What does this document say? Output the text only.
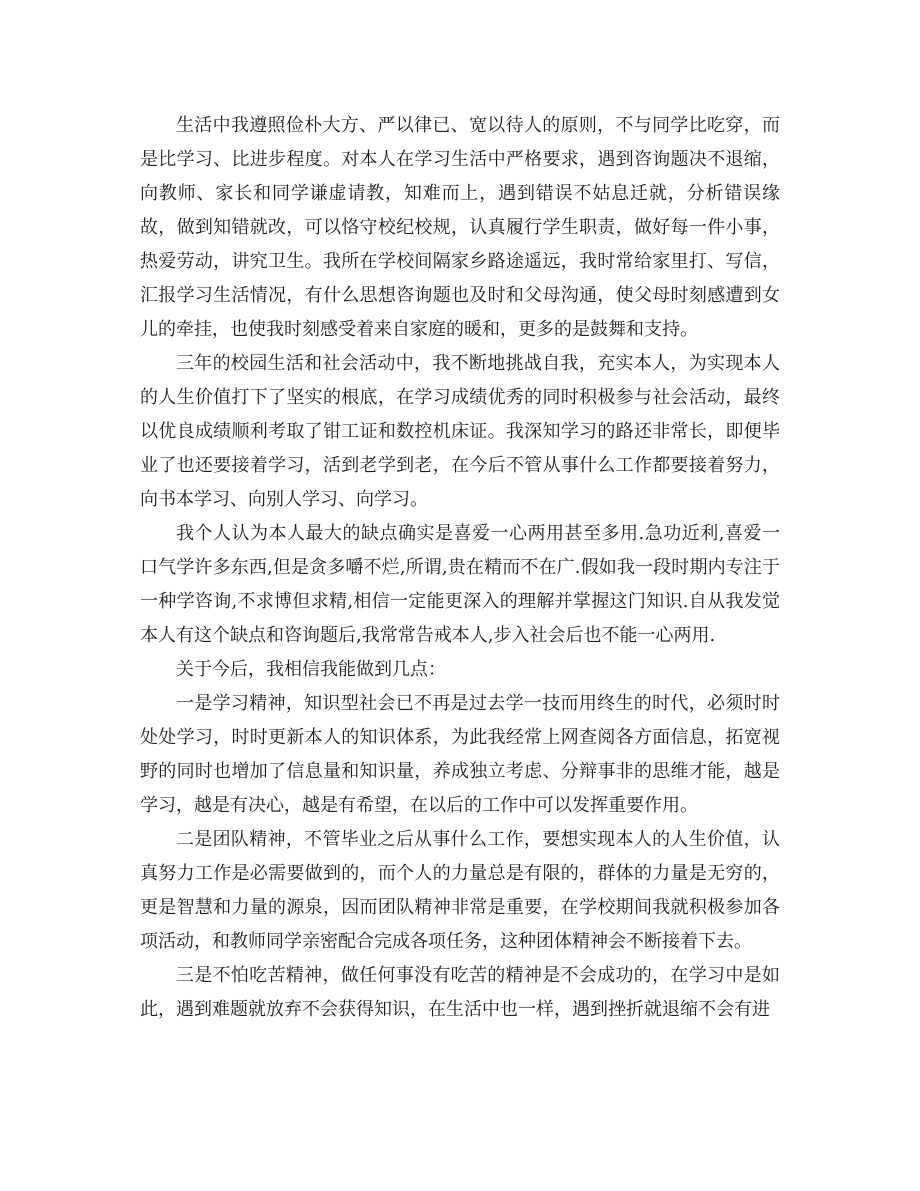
生活中我遵照俭朴大方、严以律已、宽以待人的原则，不与同学比吃穿，而是比学习、比进步程度。对本人在学习生活中严格要求，遇到咨询题决不退缩，向教师、家长和同学谦虚请教，知难而上，遇到错误不姑息迁就，分析错误缘故，做到知错就改，可以恪守校纪校规，认真履行学生职责，做好每一件小事，热爱劳动，讲究卫生。我所在学校间隔家乡路途遥远，我时常给家里打、写信，汇报学习生活情况，有什么思想咨询题也及时和父母沟通，使父母时刻感遭到女儿的牵挂，也使我时刻感受着来自家庭的暖和，更多的是鼓舞和支持。

三年的校园生活和社会活动中，我不断地挑战自我，充实本人，为实现本人的人生价值打下了坚实的根底，在学习成绩优秀的同时积极参与社会活动，最终以优良成绩顺利考取了钳工证和数控机床证。我深知学习的路还非常长，即便毕业了也还要接着学习，活到老学到老，在今后不管从事什么工作都要接着努力，向书本学习、向别人学习、向学习。

我个人认为本人最大的缺点确实是喜爱一心两用甚至多用.急功近利,喜爱一口气学许多东西,但是贪多嚼不烂,所谓,贵在精而不在广.假如我一段时期内专注于一种学咨询,不求博但求精,相信一定能更深入的理解并掌握这门知识.自从我发觉本人有这个缺点和咨询题后,我常常告戒本人,步入社会后也不能一心两用.

关于今后，我相信我能做到几点：

一是学习精神，知识型社会已不再是过去学一技而用终生的时代，必须时时处处学习，时时更新本人的知识体系，为此我经常上网查阅各方面信息，拓宽视野的同时也增加了信息量和知识量，养成独立考虑、分辩事非的思维才能，越是学习，越是有决心，越是有希望，在以后的工作中可以发挥重要作用。

二是团队精神，不管毕业之后从事什么工作，要想实现本人的人生价值，认真努力工作是必需要做到的，而个人的力量总是有限的，群体的力量是无穷的，更是智慧和力量的源泉，因而团队精神非常是重要，在学校期间我就积极参加各项活动，和教师同学亲密配合完成各项任务，这种团体精神会不断接着下去。

三是不怕吃苦精神，做任何事没有吃苦的精神是不会成功的，在学习中是如此，遇到难题就放弃不会获得知识，在生活中也一样，遇到挫折就退缩不会有进
